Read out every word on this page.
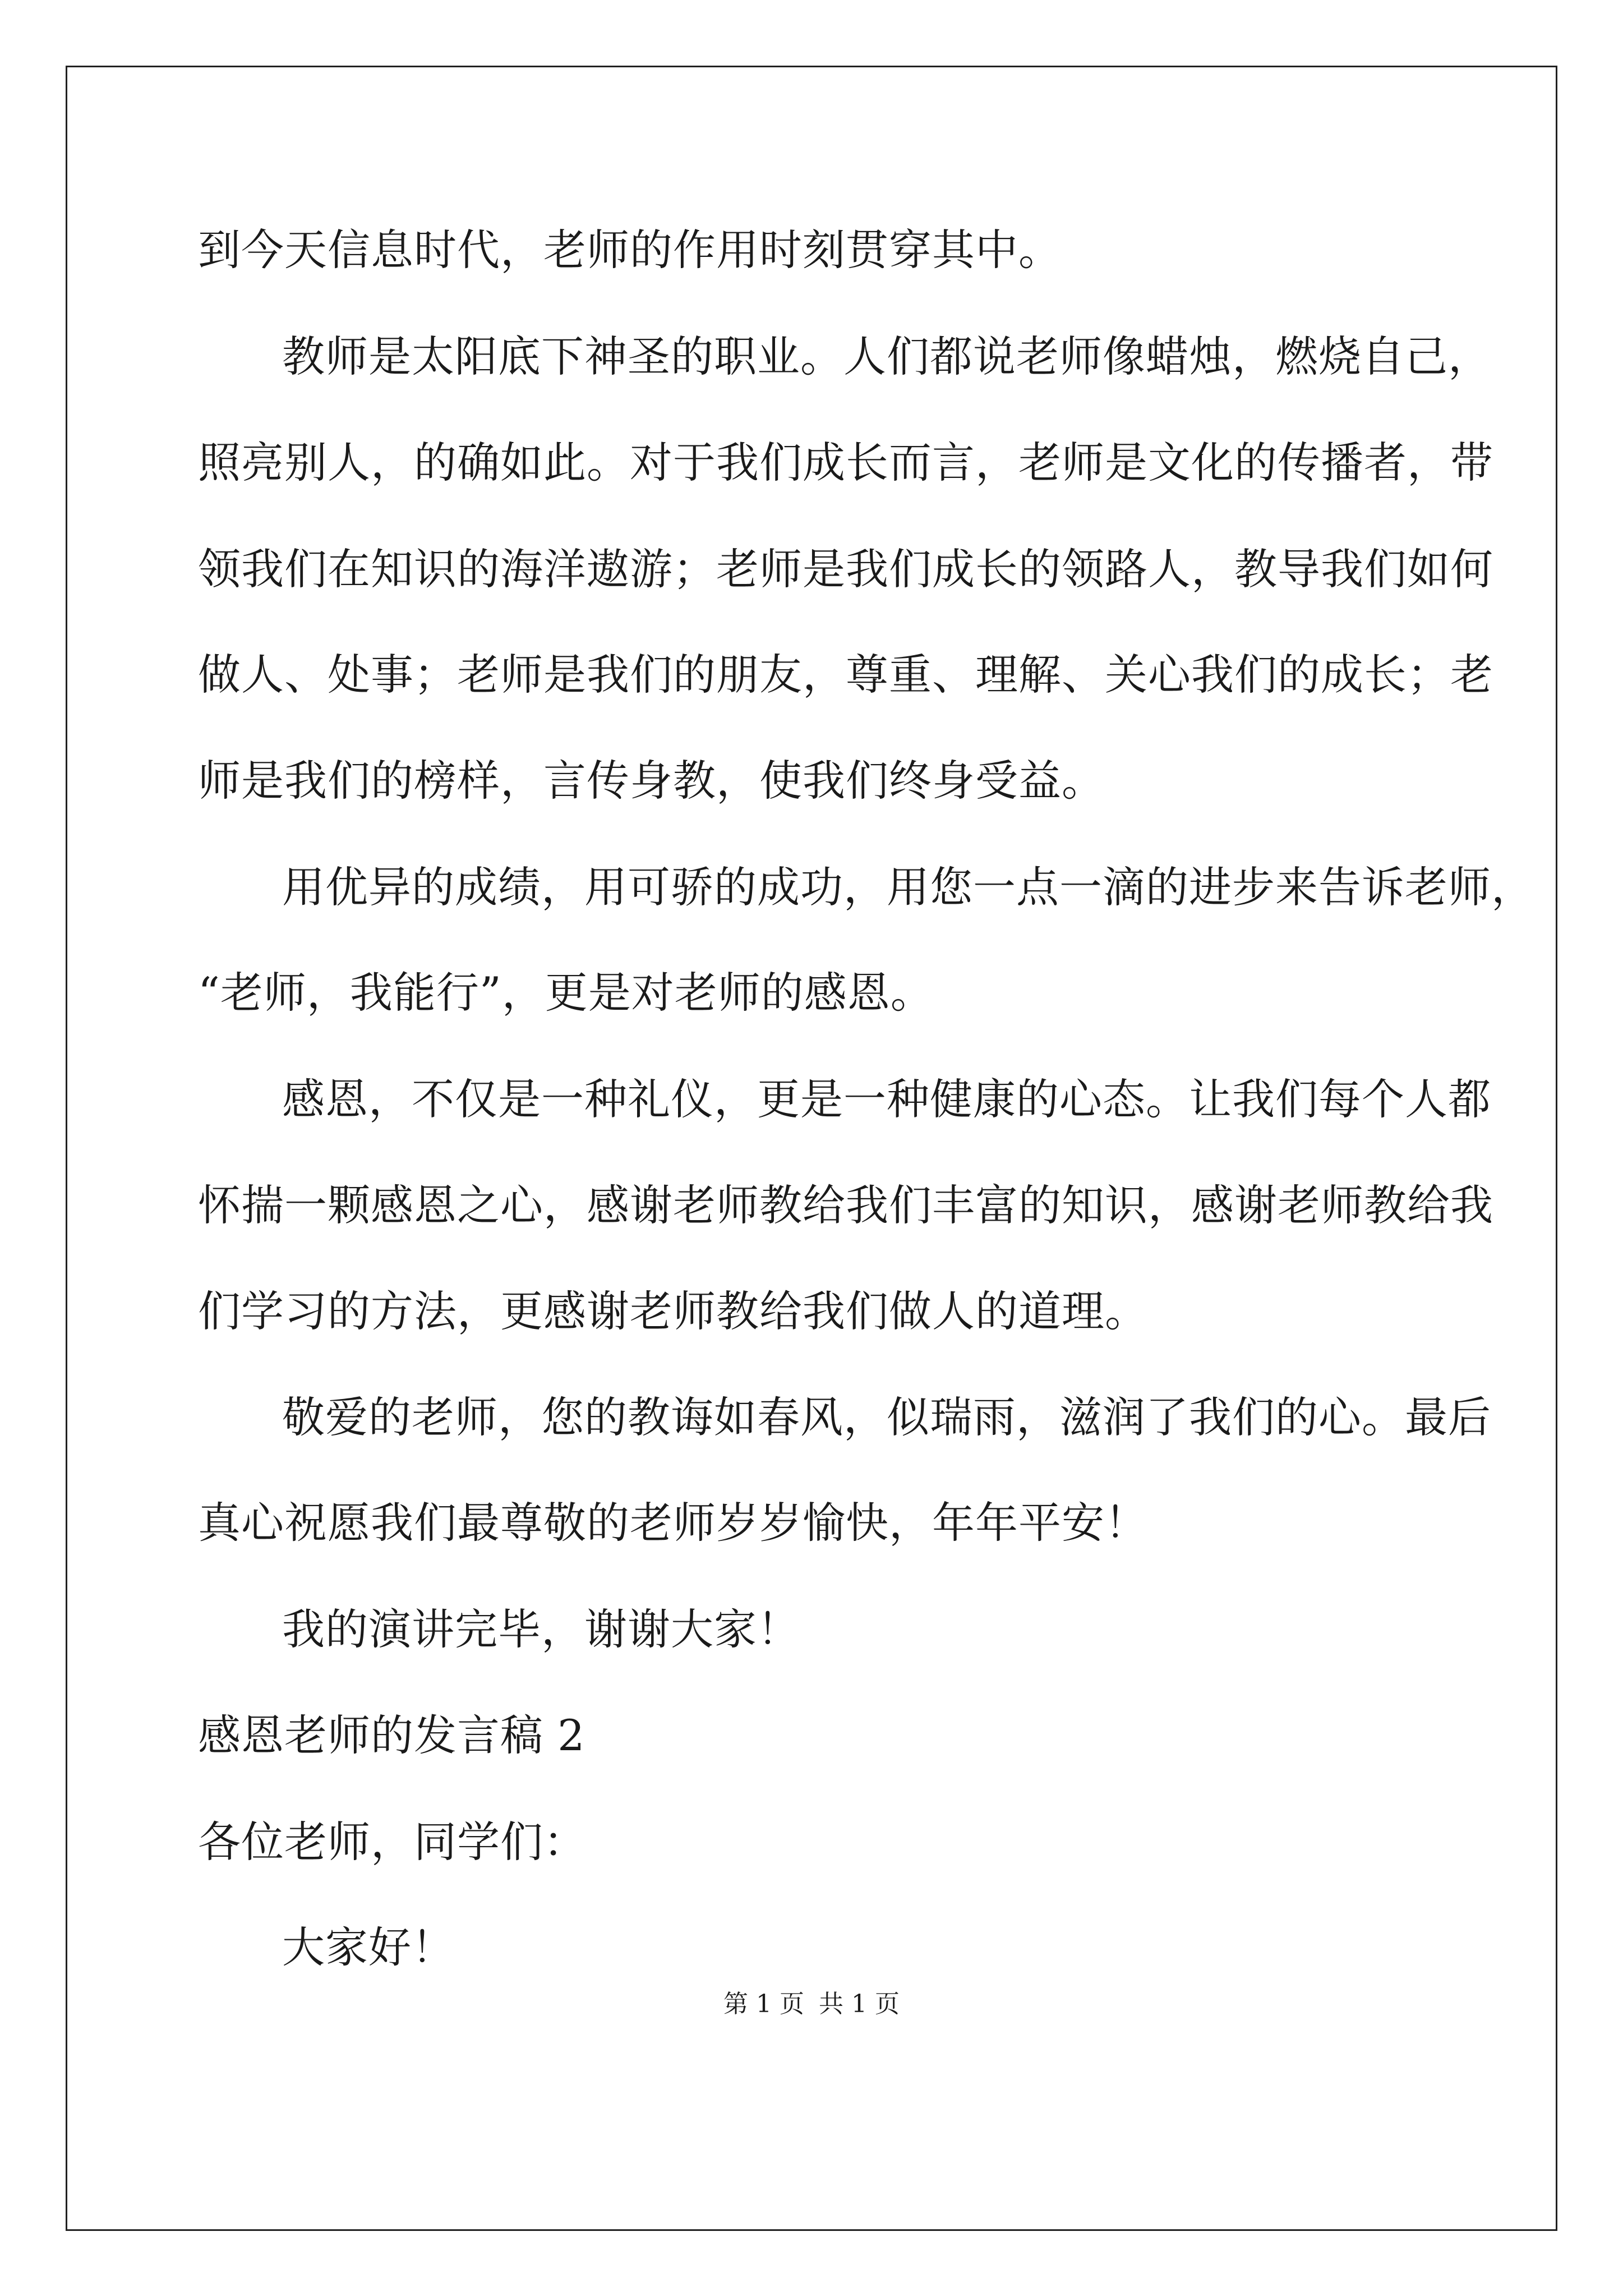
到今天信息时代，老师的作用时刻贯穿其中。
教师是太阳底下神圣的职业。人们都说老师像蜡烛，燃烧自己，
照亮别人，的确如此。对于我们成长而言，老师是文化的传播者，带
领我们在知识的海洋遨游；老师是我们成长的领路人，教导我们如何
做人、处事；老师是我们的朋友，尊重、理解、关心我们的成长；老
师是我们的榜样，言传身教，使我们终身受益。
用优异的成绩，用可骄的成功，用您一点一滴的进步来告诉老师，
“老师，我能行”，更是对老师的感恩。
感恩，不仅是一种礼仪，更是一种健康的心态。让我们每个人都
怀揣一颗感恩之心，感谢老师教给我们丰富的知识，感谢老师教给我
们学习的方法，更感谢老师教给我们做人的道理。
敬爱的老师，您的教诲如春风，似瑞雨，滋润了我们的心。最后
真心祝愿我们最尊敬的老师岁岁愉快，年年平安！
我的演讲完毕，谢谢大家！
感恩老师的发言稿 2
各位老师，同学们：
大家好！
第 1 页 共 1 页
